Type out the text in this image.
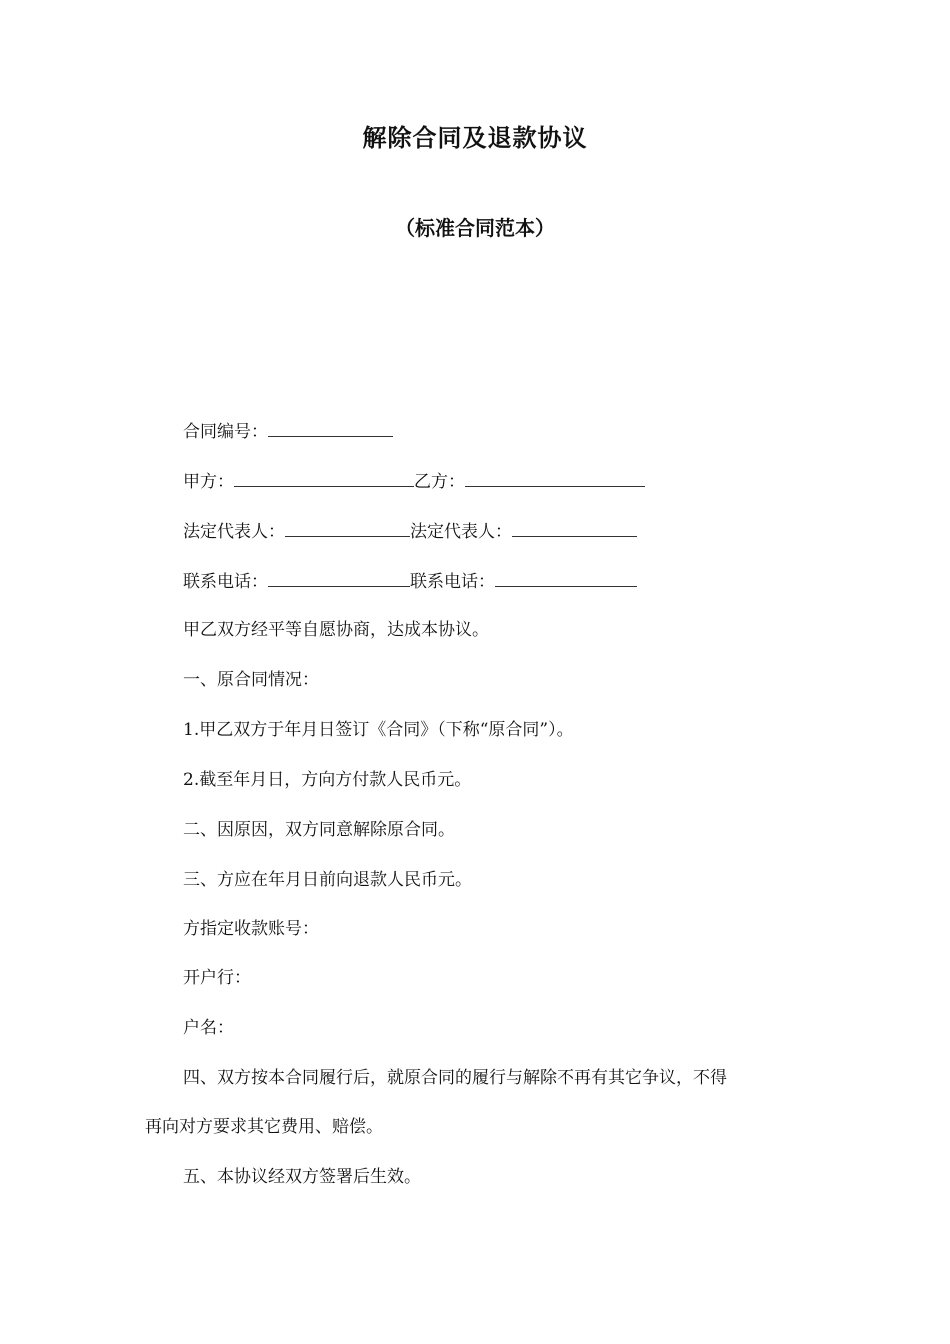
解除合同及退款协议
（标准合同范本）
合同编号：
甲方：	乙方：
法定代表人：	法定代表人：
联系电话：	联系电话：
甲乙双方经平等自愿协商，达成本协议。
一、原合同情况：
1.甲乙双方于年月日签订《合同》（下称“原合同”）。
2.截至年月日，方向方付款人民币元。
二、因原因，双方同意解除原合同。
三、方应在年月日前向退款人民币元。
方指定收款账号：
开户行：
户名：
四、双方按本合同履行后，就原合同的履行与解除不再有其它争议，不得
再向对方要求其它费用、赔偿。
五、本协议经双方签署后生效。
